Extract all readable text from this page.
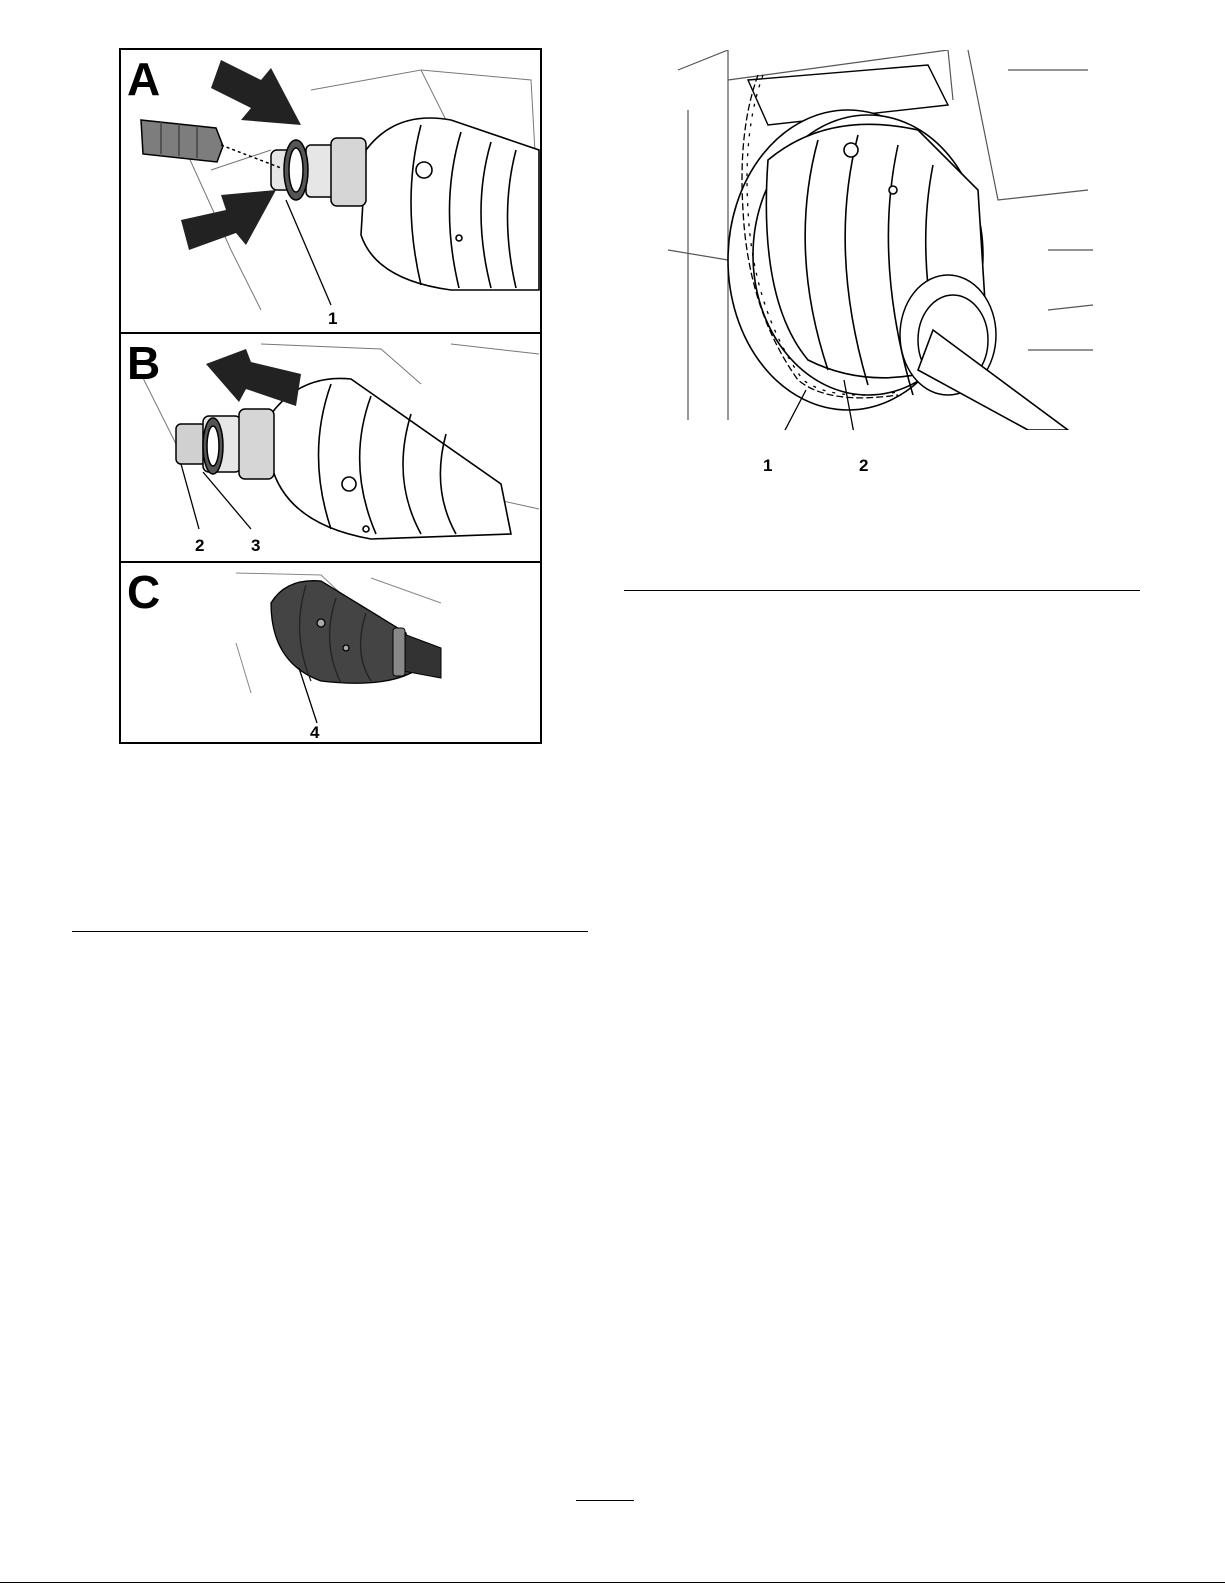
A
1
B
2	3
C
4
1	2
